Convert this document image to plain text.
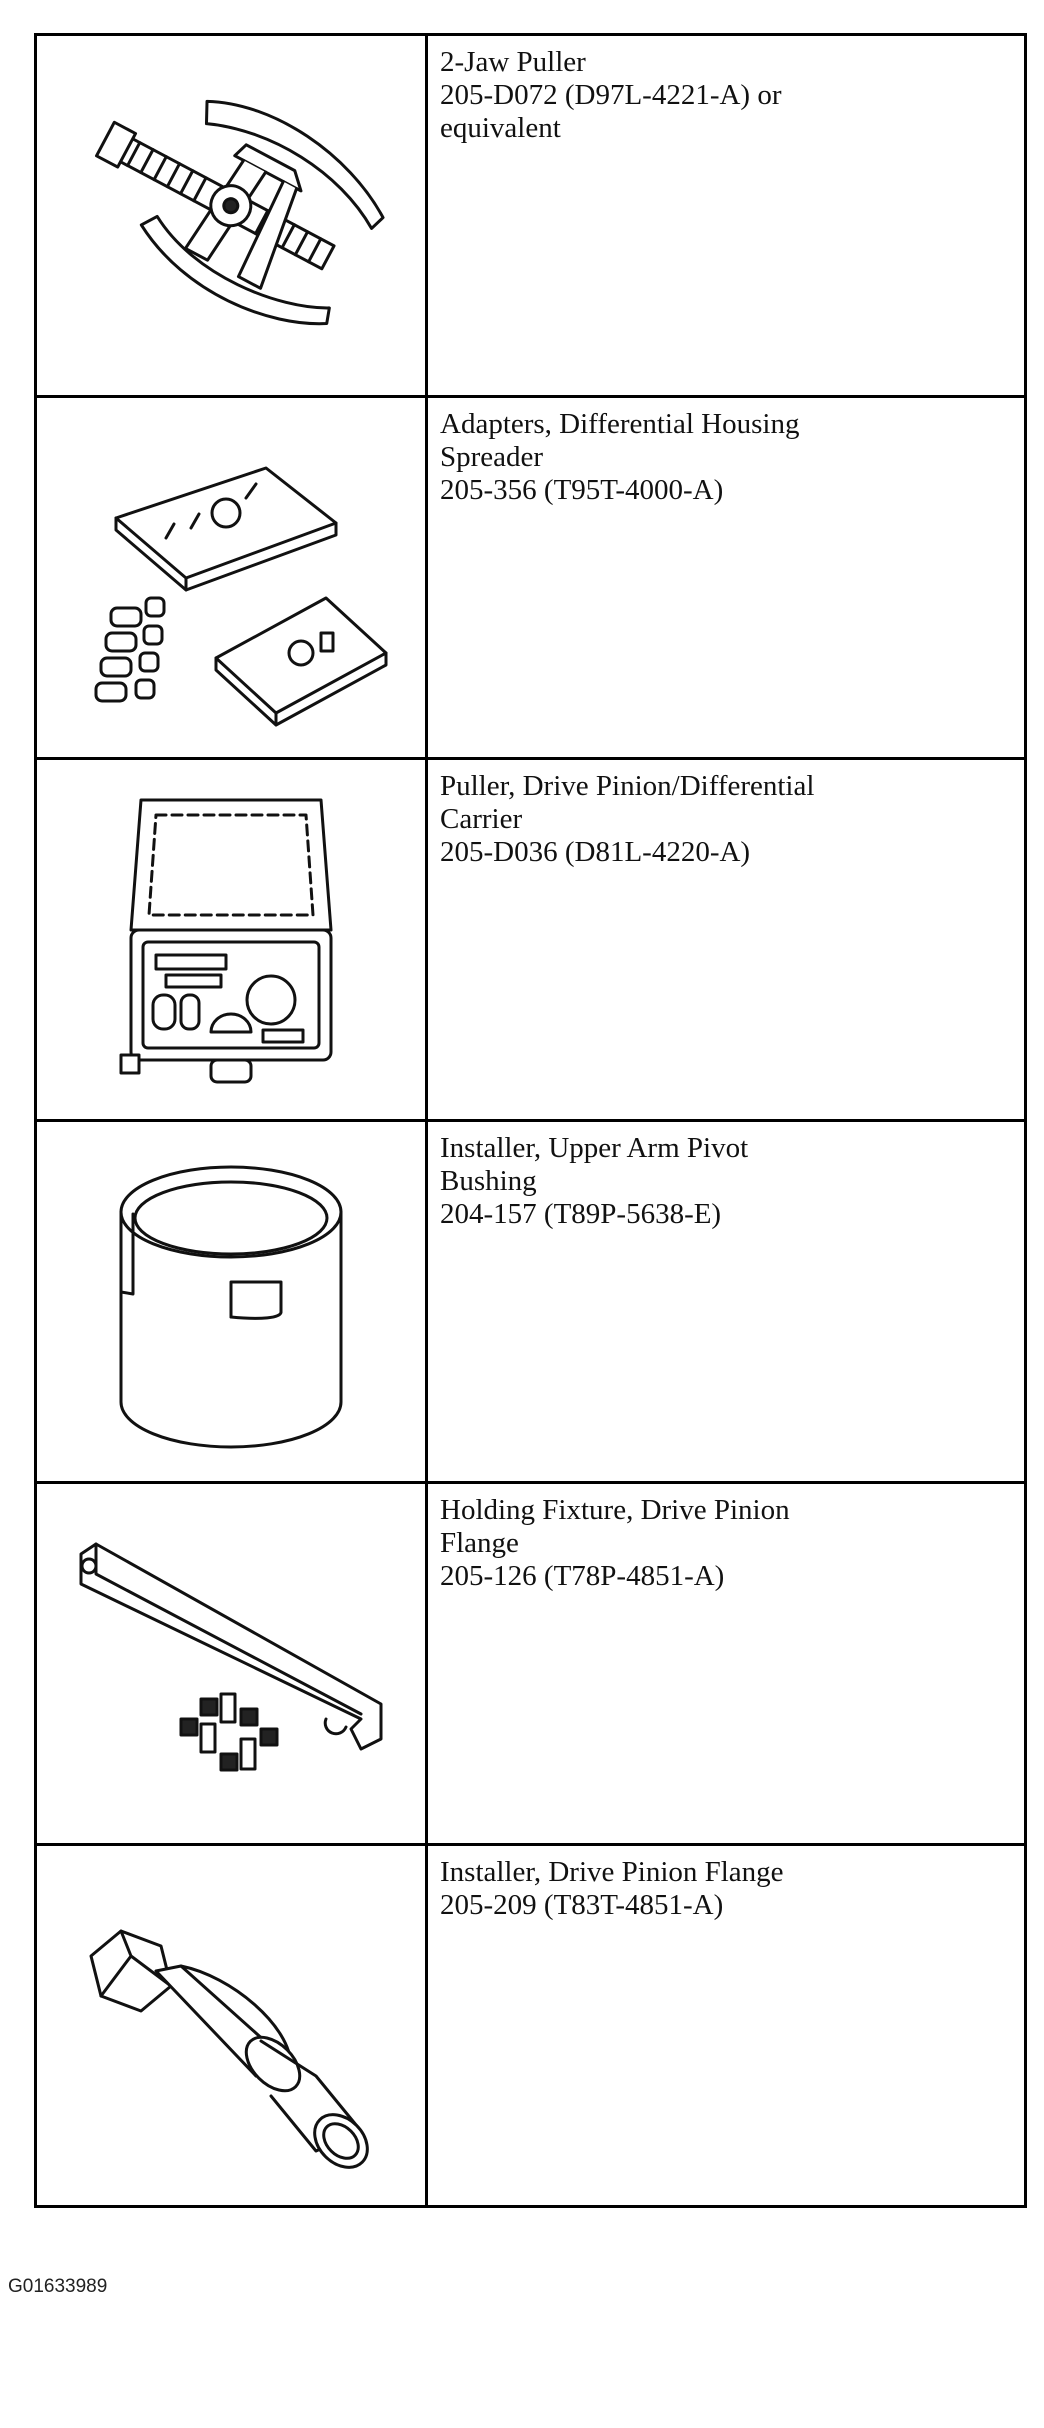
2-Jaw Puller
205-D072 (D97L-4221-A) or
equivalent

Adapters, Differential Housing
Spreader
205-356 (T95T-4000-A)

Puller, Drive Pinion/Differential
Carrier
205-D036 (D81L-4220-A)

Installer, Upper Arm Pivot
Bushing
204-157 (T89P-5638-E)

Holding Fixture, Drive Pinion
Flange
205-126 (T78P-4851-A)

Installer, Drive Pinion Flange
205-209 (T83T-4851-A)
G01633989
